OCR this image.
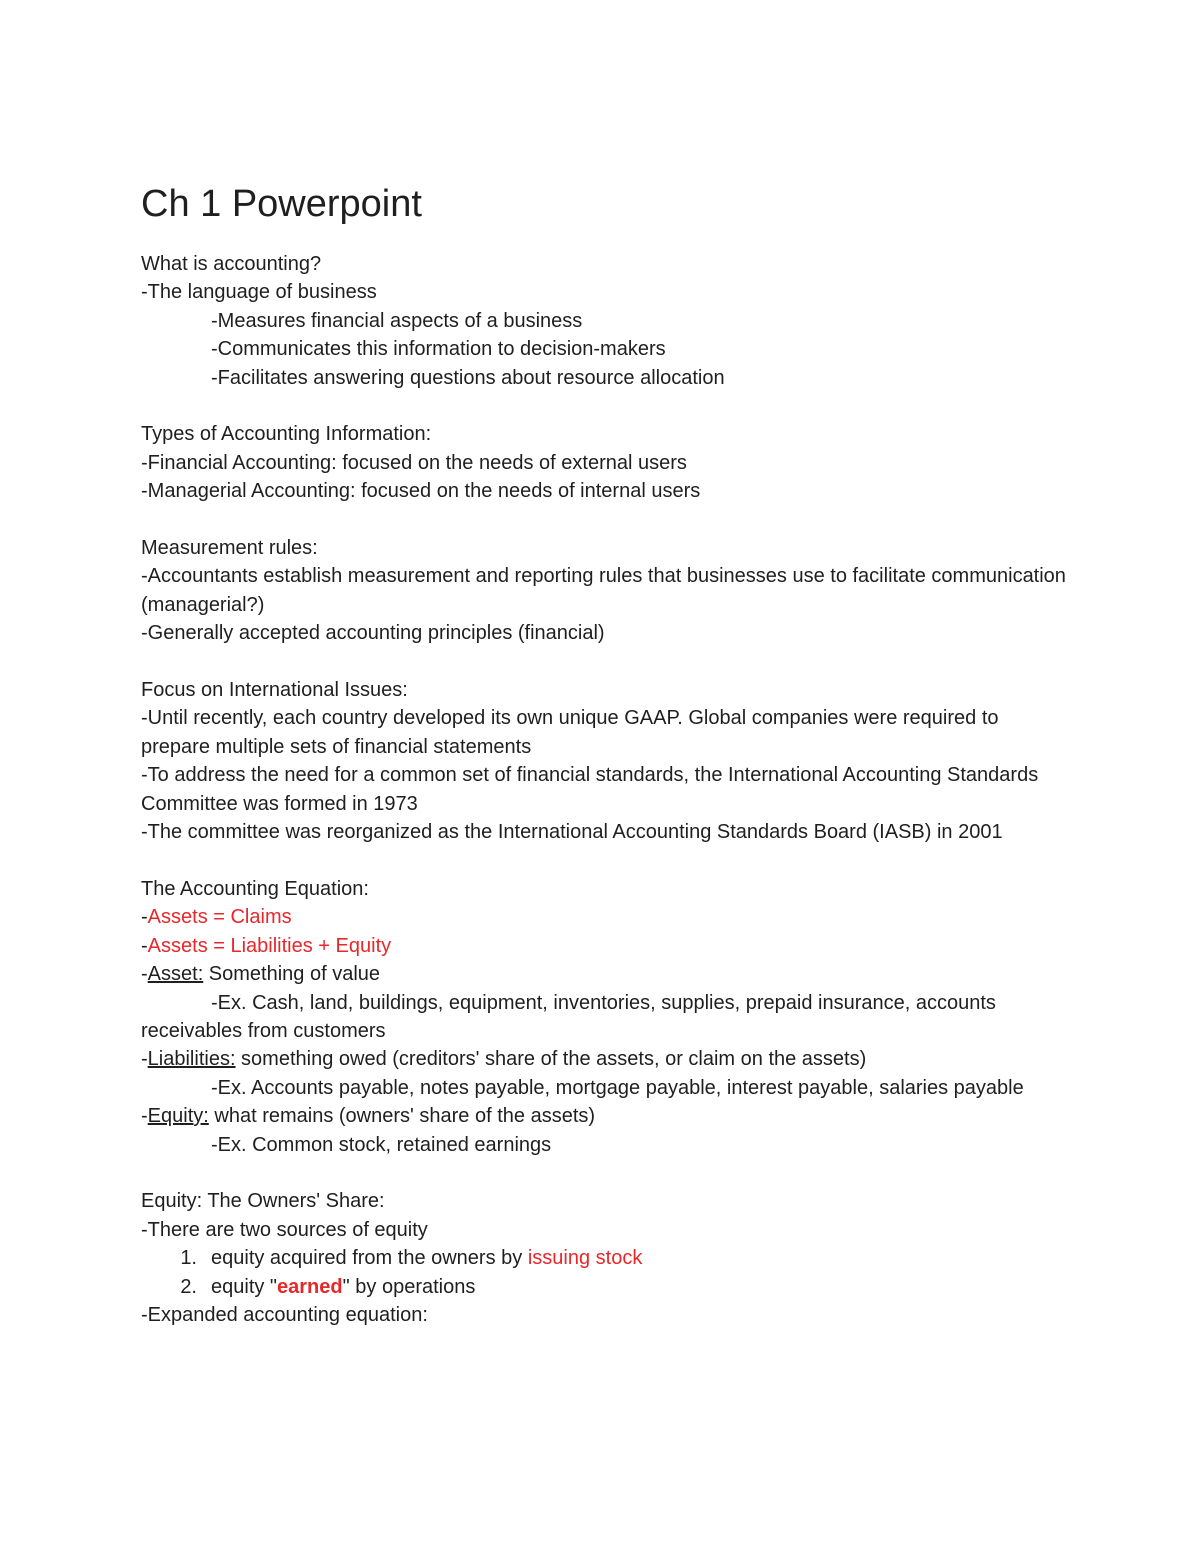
Ch 1 Powerpoint

What is accounting?

-The language of business

-Measures financial aspects of a business

-Communicates this information to decision-makers

-Facilitates answering questions about resource allocation

Types of Accounting Information:

-Financial Accounting: focused on the needs of external users

-Managerial Accounting: focused on the needs of internal users

Measurement rules:

-Accountants establish measurement and reporting rules that businesses use to facilitate communication (managerial?)

-Generally accepted accounting principles (financial)

Focus on International Issues:

-Until recently, each country developed its own unique GAAP. Global companies were required to prepare multiple sets of financial statements

-To address the need for a common set of financial standards, the International Accounting Standards Committee was formed in 1973

-The committee was reorganized as the International Accounting Standards Board (IASB) in 2001

The Accounting Equation:

-Assets = Claims

-Assets = Liabilities + Equity

-Asset: Something of value

-Ex. Cash, land, buildings, equipment, inventories, supplies, prepaid insurance, accounts receivables from customers

-Liabilities: something owed (creditors' share of the assets, or claim on the assets)

-Ex. Accounts payable, notes payable, mortgage payable, interest payable, salaries payable

-Equity: what remains (owners' share of the assets)

-Ex. Common stock, retained earnings

Equity: The Owners' Share:

-There are two sources of equity

1. equity acquired from the owners by issuing stock
2. equity "earned" by operations

-Expanded accounting equation:
